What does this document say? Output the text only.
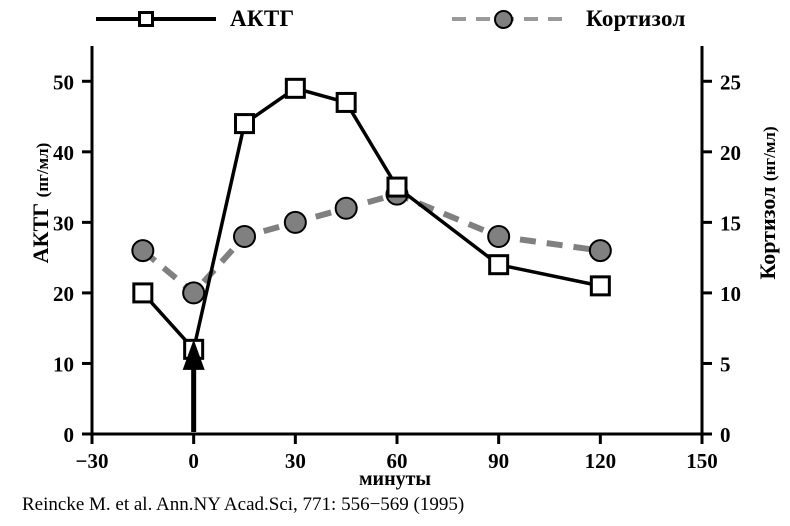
АКТГ	Кортизол
АКТГ (пг/мл)
Кортизол (нг/мл)
минуты
Reincke M. et al. Ann.NY Acad.Sci, 771: 556−569 (1995)
−30	0	30	60	90	120	150
0
10
20
30
40
50
0
5
10
15
20
25
